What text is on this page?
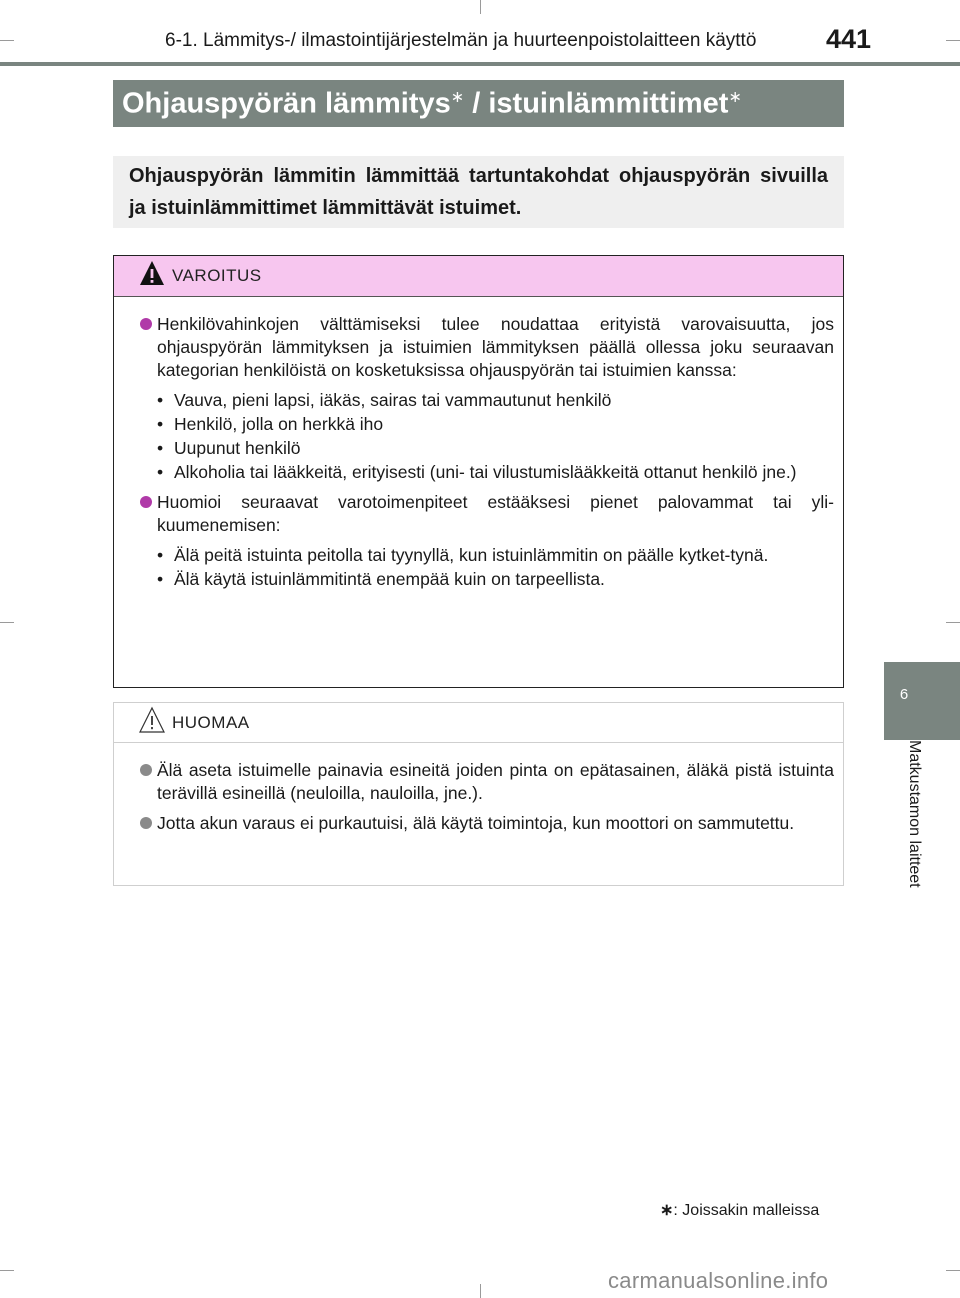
6-1. Lämmitys-/ ilmastointijärjestelmän ja huurteenpoistolaitteen käyttö	441
6
Matkustamon laitteet
Ohjauspyörän lämmitys∗ / istuinlämmittimet∗
Ohjauspyörän lämmitin lämmittää tartuntakohdat ohjauspyörän sivuilla ja istuinlämmittimet lämmittävät istuimet.
VAROITUS
Henkilövahinkojen välttämiseksi tulee noudattaa erityistä varovaisuutta, jos ohjauspyörän lämmityksen ja istuimien lämmityksen päällä ollessa joku seuraavan kategorian henkilöistä on kosketuksissa ohjauspyörän tai istuimien kanssa:
• Vauva, pieni lapsi, iäkäs, sairas tai vammautunut henkilö
• Henkilö, jolla on herkkä iho
• Uupunut henkilö
• Alkoholia tai lääkkeitä, erityisesti (uni- tai vilustumislääkkeitä ottanut henkilö jne.)
Huomioi seuraavat varotoimenpiteet estääksesi pienet palovammat tai yli-kuumenemisen:
• Älä peitä istuinta peitolla tai tyynyllä, kun istuinlämmitin on päälle kytket-tynä.
• Älä käytä istuinlämmitintä enempää kuin on tarpeellista.
HUOMAA
Älä aseta istuimelle painavia esineitä joiden pinta on epätasainen, äläkä pistä istuinta terävillä esineillä (neuloilla, nauloilla, jne.).
Jotta akun varaus ei purkautuisi, älä käytä toimintoja, kun moottori on sammutettu.
∗: Joissakin malleissa
carmanualsonline.info
